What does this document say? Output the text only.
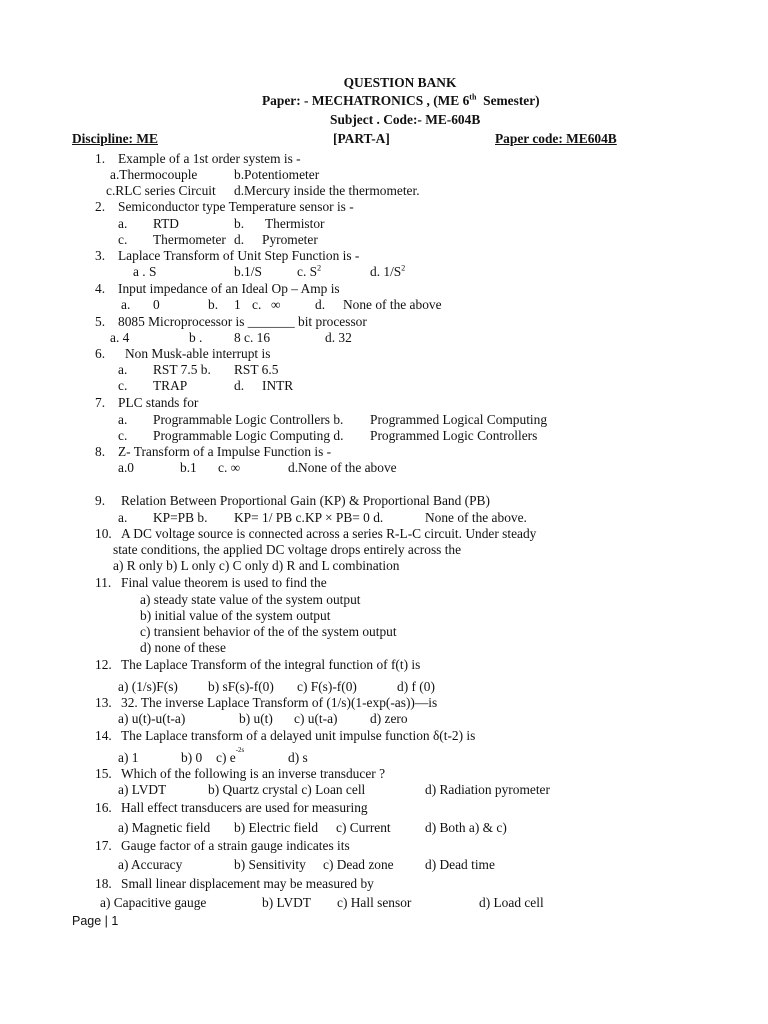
QUESTION BANK
Paper: - MECHATRONICS , (ME 6th Semester)
Subject . Code:- ME-604B
Discipline: ME	[PART-A]	Paper code: ME604B
1. Example of a 1st order system is -
a.Thermocouple	b.Potentiometer
c.RLC series Circuit d.Mercury inside the thermometer.
2. Semiconductor type Temperature sensor is -
a. RTD	b. Thermistor
c. Thermometer d. Pyrometer
3. Laplace Transform of Unit Step Function is -
a . S	b.1/S	c. $S^2$	d. $1/S^2$
4. Input impedance of an Ideal Op – Amp is
a. 0	b. 1 c. ∞	d. None of the above
5. 8085 Microprocessor is _______ bit processor
a. 4	b . 8 c. 16	d. 32
6. Non Musk-able interrupt is
a. RST 7.5 b. RST 6.5
c. TRAP	d. INTR
7. PLC stands for
a. Programmable Logic Controllers b. Programmed Logical Computing
c. Programmable Logic Computing d. Programmed Logic Controllers
8. Z- Transform of a Impulse Function is -
a.0	b.1 c. ∞	d.None of the above
9. Relation Between Proportional Gain (KP) & Proportional Band (PB)
a. KP=PB b. KP= 1/ PB c. KP × PB= 0 d.	None of the above.
10. A DC voltage source is connected across a series R-L-C circuit. Under steady
state conditions, the applied DC voltage drops entirely across the
a) R only b) L only c) C only d) R and L combination
11. Final value theorem is used to find the
a) steady state value of the system output
b) initial value of the system output
c) transient behavior of the of the system output
d) none of these
12. The Laplace Transform of the integral function of f(t) is
a) (1/s)F(s) b) sF(s)-f(0) c) F(s)-f(0)	d) f (0)
13. 32. The inverse Laplace Transform of (1/s)(1-exp(-as))––is
a) u(t)-u(t-a)	b) u(t) c) u(t-a) d) zero
14. The Laplace transform of a delayed unit impulse function δ(t-2) is
a) 1	b) 0 c) $e^{-2s}$	d) s
15. Which of the following is an inverse transducer ?
a) LVDT	b) Quartz crystal c) Loan cell	d) Radiation pyrometer
16. Hall effect transducers are used for measuring
a) Magnetic field b) Electric field c) Current	d) Both a) & c)
17. Gauge factor of a strain gauge indicates its
a) Accuracy	b) Sensitivity c) Dead zone d) Dead time
18. Small linear displacement may be measured by
a) Capacitive gauge	b) LVDT c) Hall sensor	d) Load cell
Page | 1
